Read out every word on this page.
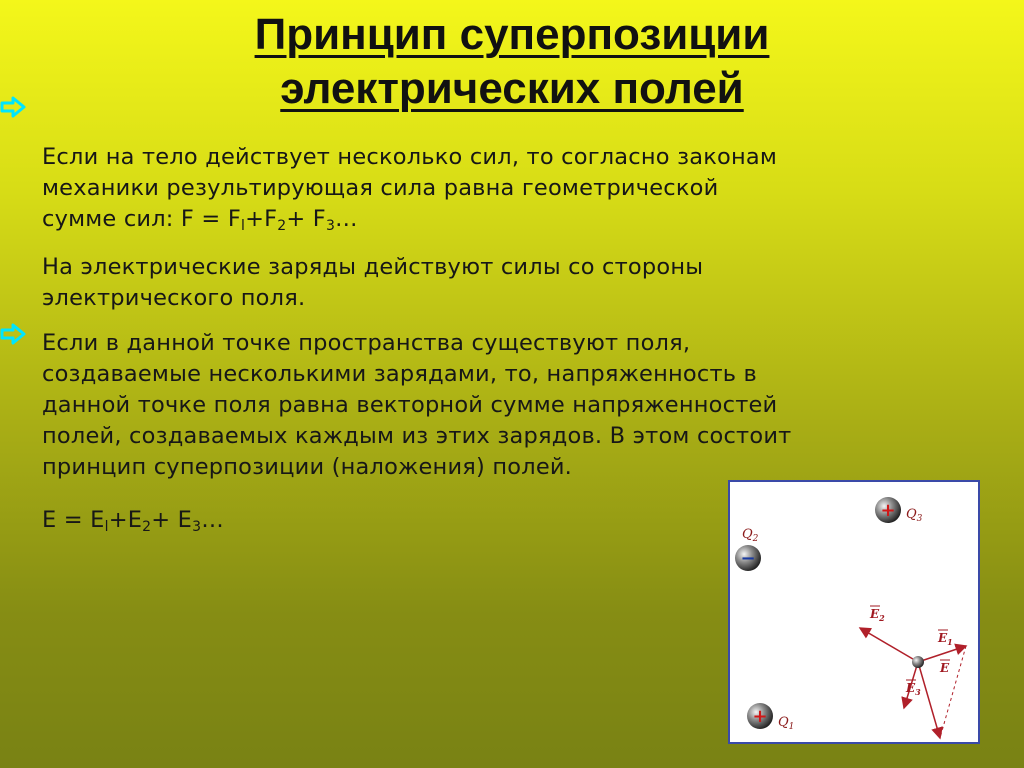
Принцип суперпозиции
электрических полей
Если на тело действует несколько сил, то согласно законам
механики результирующая сила равна геометрической
сумме сил: $F = F_l+F_2+$ $F_3\dots$
На электрические заряды действуют силы со стороны
электрического поля.
Если в данной точке пространства существуют поля,
создаваемые несколькими зарядами, то, напряженность в
данной точке поля равна векторной сумме напряженностей
полей, создаваемых каждым из этих зарядов. В этом состоит
принцип суперпозиции (наложения) полей.
$E = E_l+E_2+$ $E_3\dots$	+ $Q_3$
$Q_2$
−
+ $Q_1$
$E_2$
$E_1$
E
$E_3$
